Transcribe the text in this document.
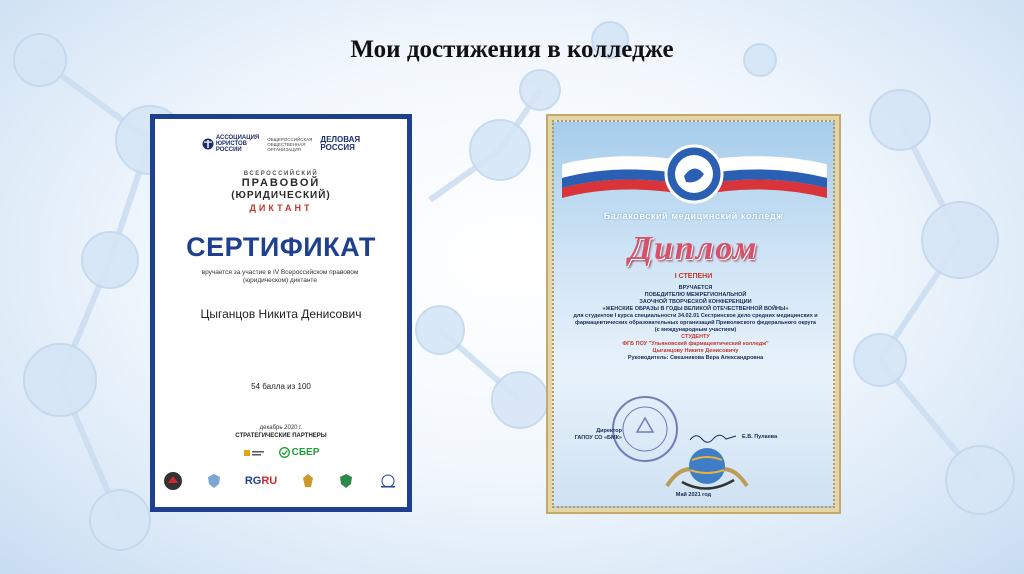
Мои достижения в колледже
АССОЦИАЦИЯ
ЮРИСТОВ
РОССИИ
ОБЩЕРОССИЙСКАЯ
ОБЩЕСТВЕННАЯ
ОРГАНИЗАЦИЯ
ДЕЛОВАЯ
РОССИЯ
ВСЕРОССИЙСКИЙ
ПРАВОВОЙ
(ЮРИДИЧЕСКИЙ)
ДИКТАНТ
СЕРТИФИКАТ
вручается за участие в IV Всероссийском правовом (юридическом) диктанте
Цыганцов Никита Денисович
54 балла из 100
декабрь 2020 г.
СТРАТЕГИЧЕСКИЕ ПАРТНЕРЫ
СБЕР
RGRU
Балаковский медицинский колледж
Диплом
I СТЕПЕНИ
ВРУЧАЕТСЯ
ПОБЕДИТЕЛЮ МЕЖРЕГИОНАЛЬНОЙ
ЗАОЧНОЙ ТВОРЧЕСКОЙ КОНФЕРЕНЦИИ
«ЖЕНСКИЕ ОБРАЗЫ В ГОДЫ ВЕЛИКОЙ ОТЕЧЕСТВЕННОЙ ВОЙНЫ»
для студентов I курса специальности 34.02.01 Сестринское дело средних медицинских и
фармацевтических образовательных организаций Приволжского федерального округа
(с международным участием)
СТУДЕНТУ
ФГБ ПОУ "Ульяновский фармацевтический колледж"
Цыганцову Никите Денисовичу
Руководитель: Свешникова Вера Александровна
Директор
ГАПОУ СО «БМК»	Е.В. Пулаева
Май 2021 год
